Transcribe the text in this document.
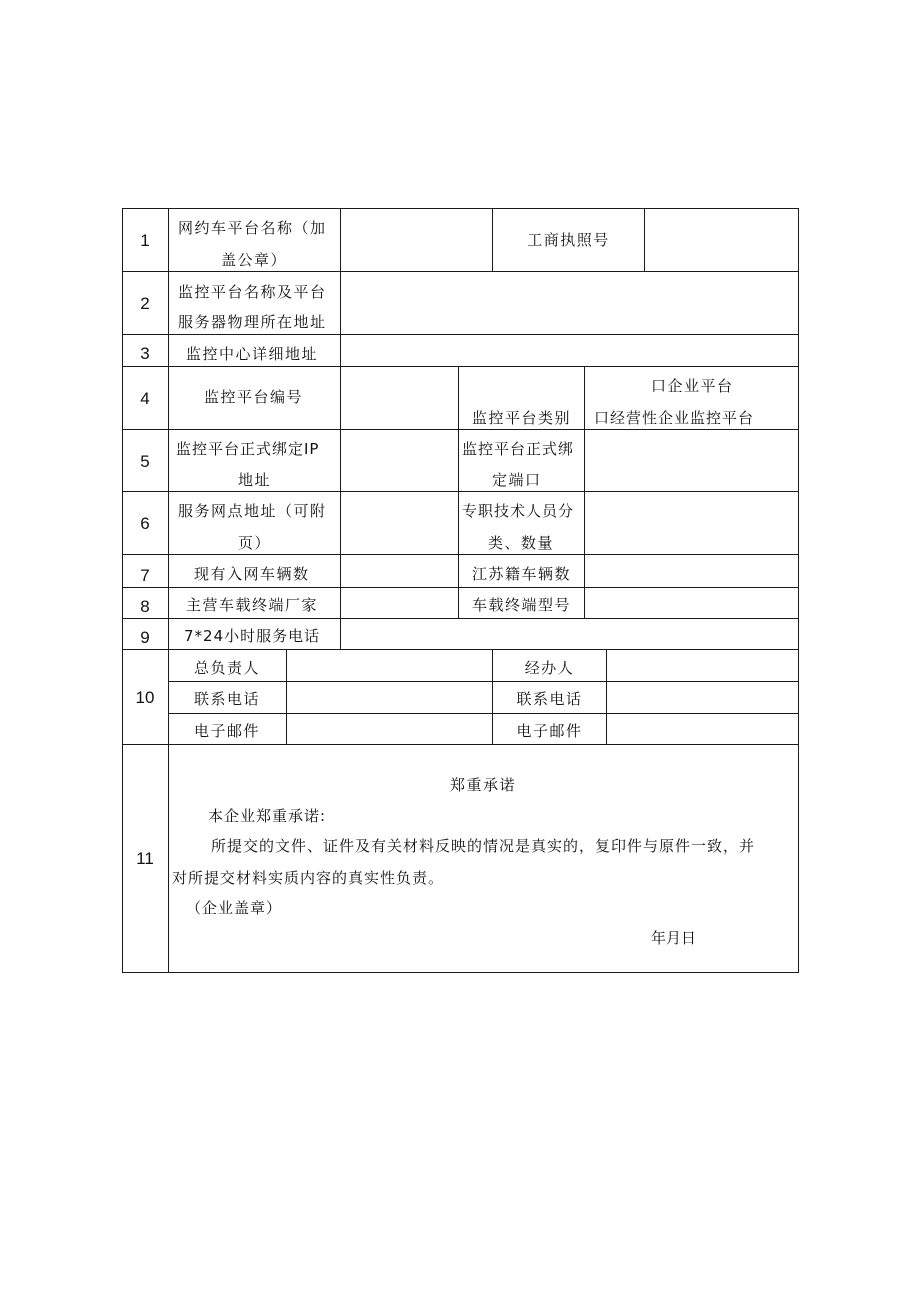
1
2
3
4
5
6
7
8
9
10
11
网约车平台名称（加
盖公章）
工商执照号
监控平台名称及平台
服务器物理所在地址
监控中心详细地址
监控平台编号
监控平台类别
口企业平台
口经营性企业监控平台
监控平台正式绑定IP
地址
监控平台正式绑
定端口
服务网点地址（可附
页）
专职技术人员分
类、数量
现有入网车辆数	江苏籍车辆数
主营车载终端厂家	车载终端型号
7*24小时服务电话
总负责人
联系电话
电子邮件
经办人
联系电话
电子邮件
郑重承诺
本企业郑重承诺:
所提交的文件、证件及有关材料反映的情况是真实的，复印件与原件一致，并
对所提交材料实质内容的真实性负责。
（企业盖章）
年月日
